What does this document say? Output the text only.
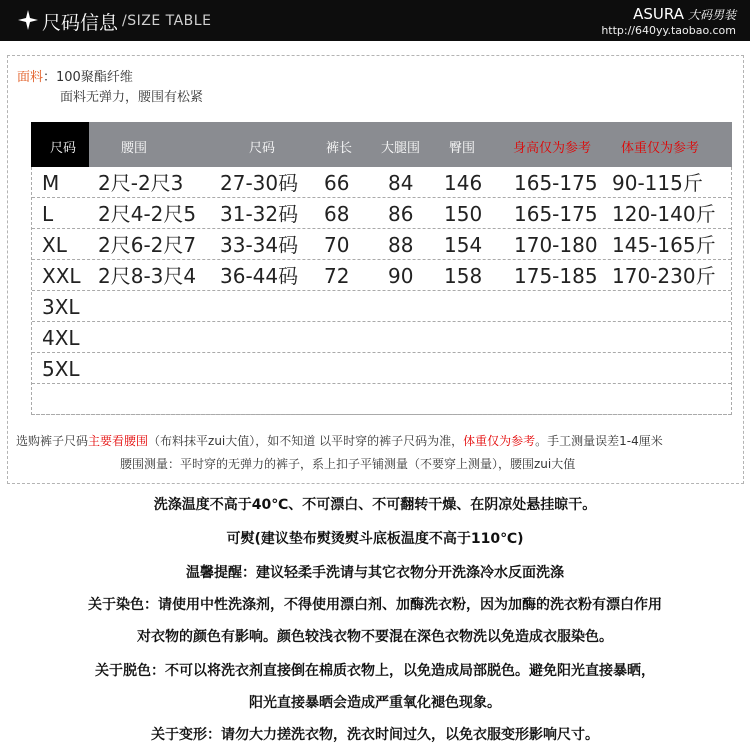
尺码信息 /SIZE TABLE	ASURA 大码男装
http://640yy.taobao.com
面料：100聚酯纤维
面料无弹力，腰围有松紧
尺码	腰围	尺码	裤长 大腿围 臀围	身高仅为参考 体重仅为参考
M 2尺-2尺3 27-30码 66 84 146 165-175 90-115斤
L 2尺4-2尺5 31-32码 68 86 150 165-175 120-140斤
XL 2尺6-2尺7 33-34码 70 88 154 170-180 145-165斤
XXL 2尺8-3尺4 36-44码 72 90 158 175-185 170-230斤
3XL
4XL
5XL
选购裤子尺码主要看腰围（布料抹平zui大值），如不知道 以平时穿的裤子尺码为准，体重仅为参考。手工测量误差1-4厘米
腰围测量：平时穿的无弹力的裤子，系上扣子平铺测量（不要穿上测量），腰围zui大值
洗涤温度不高于40℃、不可漂白、不可翻转干燥、在阴凉处悬挂晾干。
可熨(建议垫布熨烫熨斗底板温度不高于110℃)
温馨提醒：建议轻柔手洗请与其它衣物分开洗涤冷水反面洗涤
关于染色：请使用中性洗涤剂，不得使用漂白剂、加酶洗衣粉，因为加酶的洗衣粉有漂白作用
对衣物的颜色有影响。颜色较浅衣物不要混在深色衣物洗以免造成衣服染色。
关于脱色：不可以将洗衣剂直接倒在棉质衣物上，以免造成局部脱色。避免阳光直接暴晒，
阳光直接暴晒会造成严重氧化褪色现象。
关于变形：请勿大力搓洗衣物，洗衣时间过久，以免衣服变形影响尺寸。
